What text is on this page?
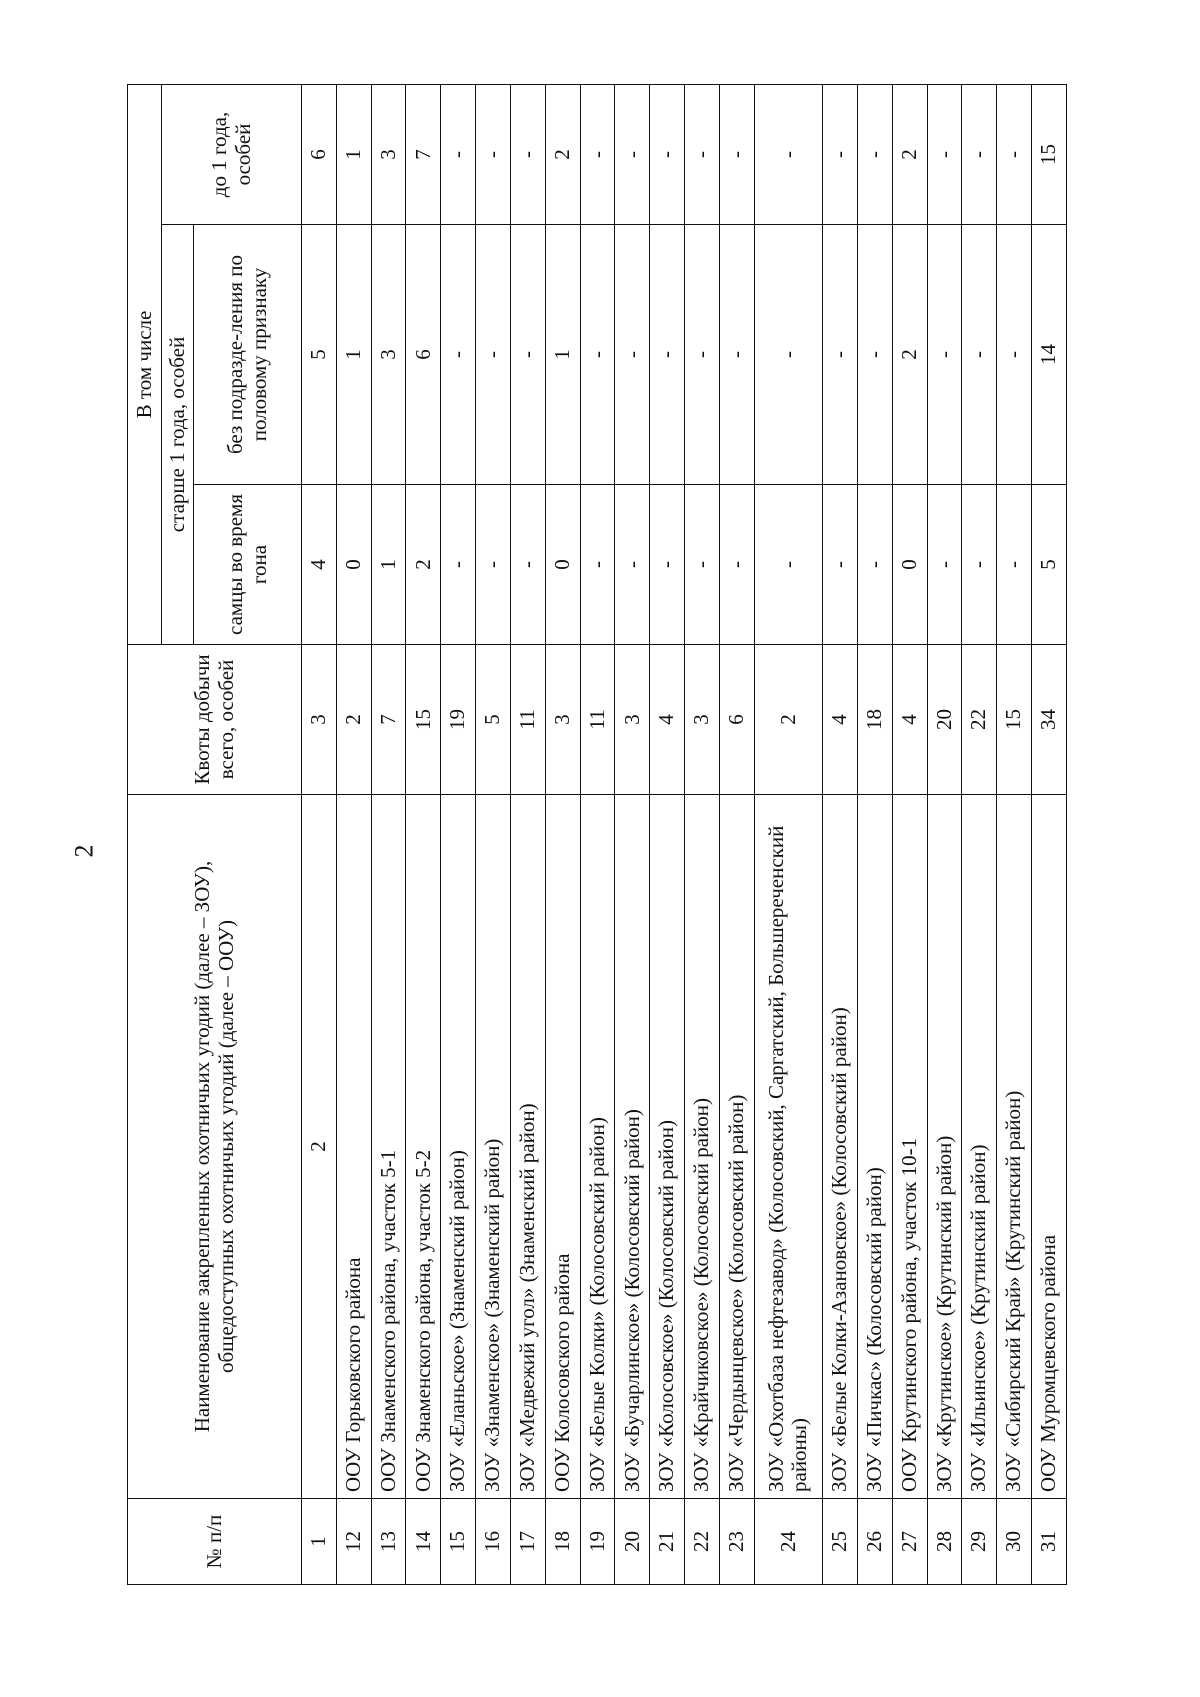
2
№ п/п	Наименование закрепленных охотничьих угодий (далее – ЗОУ), общедоступных охотничьих угодий (далее – ООУ)	Квоты добычи всего, особей	В том числе		
			старше 1 года, особей		до 1 года, особей
			самцы во время гона	без подразде-ления по половому признаку	
1	2	3	4	5	6
12	ООУ Горьковского района	2	0	1	1
13	ООУ Знаменского района, участок 5-1	7	1	3	3
14	ООУ Знаменского района, участок 5-2	15	2	6	7
15	ЗОУ «Еланьское» (Знаменский район)	19	-	-	-
16	ЗОУ «Знаменское» (Знаменский район)	5	-	-	-
17	ЗОУ «Медвежий угол» (Знаменский район)	11	-	-	-
18	ООУ Колосовского района	3	0	1	2
19	ЗОУ «Белые Колки» (Колосовский район)	11	-	-	-
20	ЗОУ «Бучарлинское» (Колосовский район)	3	-	-	-
21	ЗОУ «Колосовское» (Колосовский район)	4	-	-	-
22	ЗОУ «Крайчиковское» (Колосовский район)	3	-	-	-
23	ЗОУ «Чердынцевское» (Колосовский район)	6	-	-	-
24	ЗОУ «Охотбаза нефтезавод» (Колосовский, Саргатский, Большереченский районы)	2	-	-	-
25	ЗОУ «Белые Колки-Азановское» (Колосовский район)	4	-	-	-
26	ЗОУ «Пичкас» (Колосовский район)	18	-	-	-
27	ООУ Крутинского района, участок 10-1	4	0	2	2
28	ЗОУ «Крутинское» (Крутинский район)	20	-	-	-
29	ЗОУ «Ильинское» (Крутинский район)	22	-	-	-
30	ЗОУ «Сибирский Край» (Крутинский район)	15	-	-	-
31	ООУ Муромцевского района	34	5	14	15
